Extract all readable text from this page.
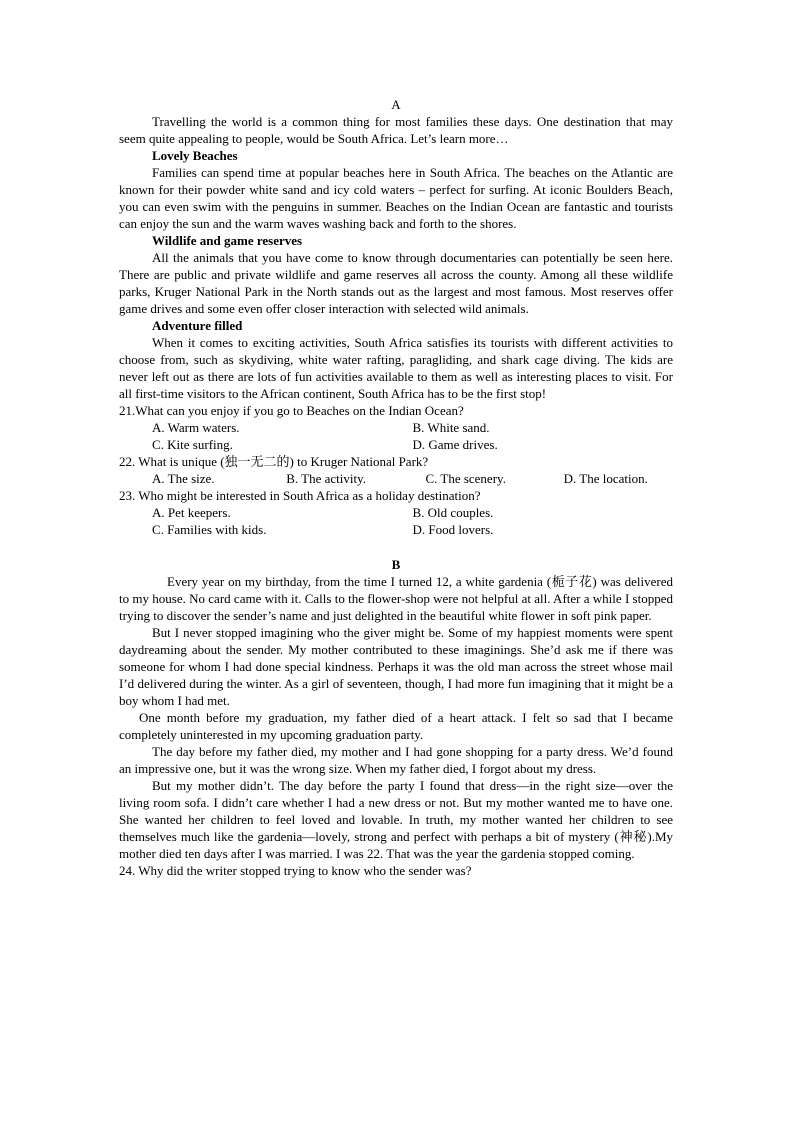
A

Travelling the world is a common thing for most families these days. One destination that may seem quite appealing to people, would be South Africa. Let’s learn more…

Lovely Beaches

Families can spend time at popular beaches here in South Africa. The beaches on the Atlantic are known for their powder white sand and icy cold waters – perfect for surfing. At iconic Boulders Beach, you can even swim with the penguins in summer. Beaches on the Indian Ocean are fantastic and tourists can enjoy the sun and the warm waves washing back and forth to the shores.

Wildlife and game reserves

All the animals that you have come to know through documentaries can potentially be seen here. There are public and private wildlife and game reserves all across the county. Among all these wildlife parks, Kruger National Park in the North stands out as the largest and most famous. Most reserves offer game drives and some even offer closer interaction with selected wild animals.

Adventure filled

When it comes to exciting activities, South Africa satisfies its tourists with different activities to choose from, such as skydiving, white water rafting, paragliding, and shark cage diving. The kids are never left out as there are lots of fun activities available to them as well as interesting places to visit. For all first-time visitors to the African continent, South Africa has to be the first stop!

21.What can you enjoy if you go to Beaches on the Indian Ocean?
A. Warm waters.	B. White sand.
C. Kite surfing.	D. Game drives.
22. What is unique (独一无二的) to Kruger National Park?
A. The size.	B. The activity.	C. The scenery.	D. The location.
23. Who might be interested in South Africa as a holiday destination?
A. Pet keepers.	B. Old couples.
C. Families with kids.	D. Food lovers.
B

Every year on my birthday, from the time I turned 12, a white gardenia (栀子花) was delivered to my house. No card came with it. Calls to the flower-shop were not helpful at all. After a while I stopped trying to discover the sender’s name and just delighted in the beautiful white flower in soft pink paper.

But I never stopped imagining who the giver might be. Some of my happiest moments were spent daydreaming about the sender. My mother contributed to these imaginings. She’d ask me if there was someone for whom I had done special kindness. Perhaps it was the old man across the street whose mail I’d delivered during the winter. As a girl of seventeen, though, I had more fun imagining that it might be a boy whom I had met.

One month before my graduation, my father died of a heart attack. I felt so sad that I became completely uninterested in my upcoming graduation party.

The day before my father died, my mother and I had gone shopping for a party dress. We’d found an impressive one, but it was the wrong size. When my father died, I forgot about my dress.

But my mother didn’t. The day before the party I found that dress—in the right size—over the living room sofa. I didn’t care whether I had a new dress or not. But my mother wanted me to have one. She wanted her children to feel loved and lovable. In truth, my mother wanted her children to see themselves much like the gardenia—lovely, strong and perfect with perhaps a bit of mystery (神秘).My mother died ten days after I was married. I was 22. That was the year the gardenia stopped coming.

24. Why did the writer stopped trying to know who the sender was?
